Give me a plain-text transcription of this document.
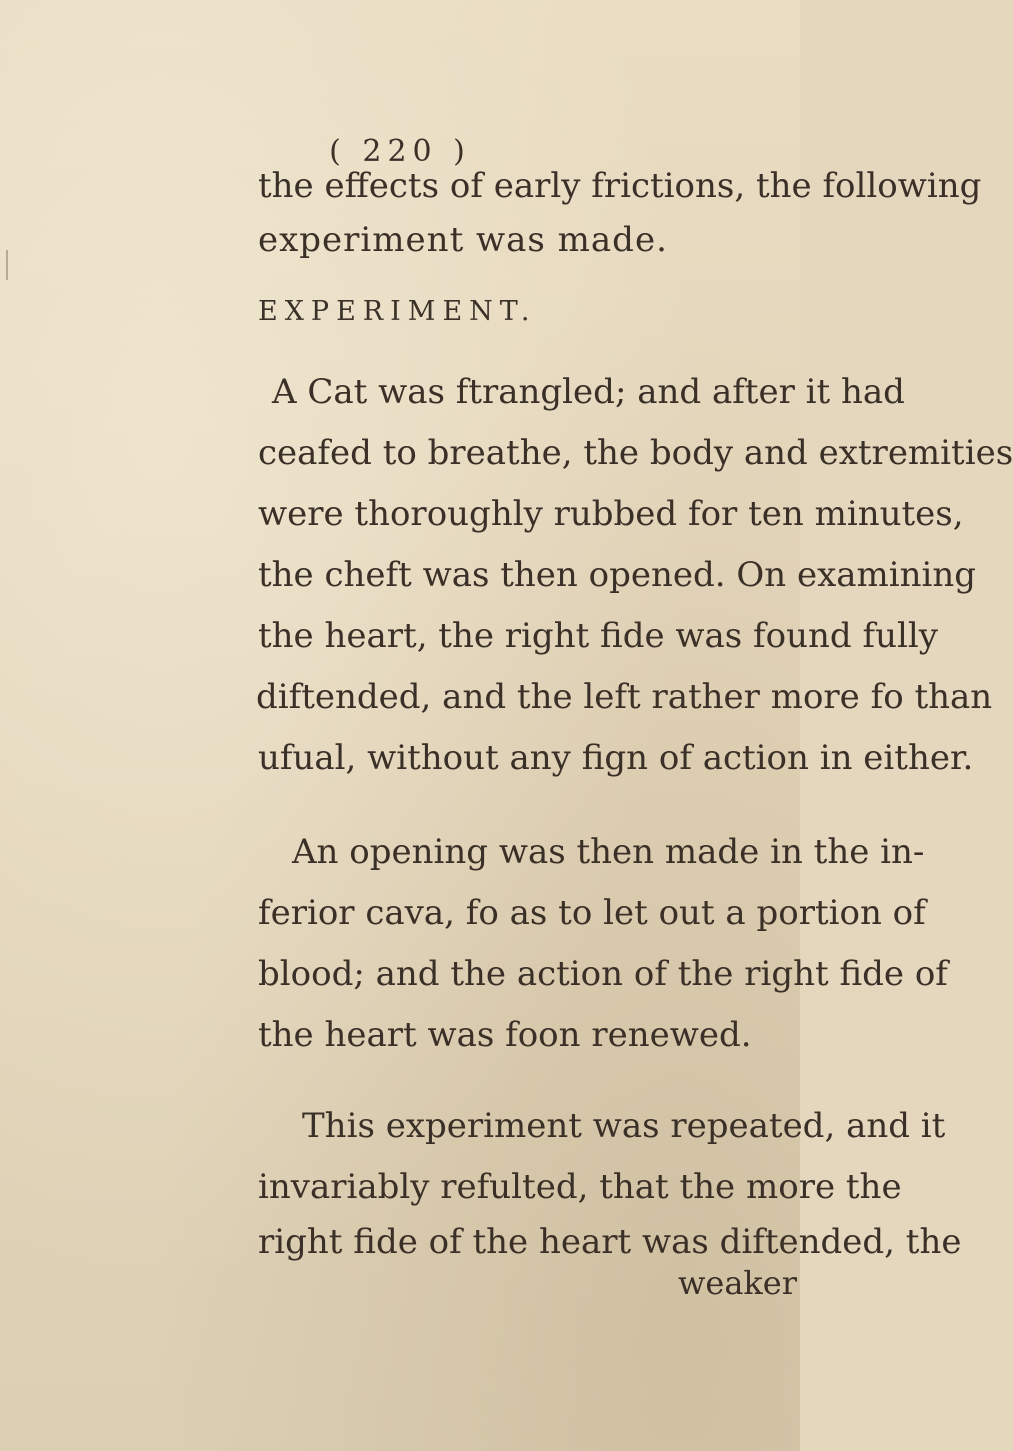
( 220 )
the effects of early frictions, the following
experiment was made.
EXPERIMENT.
A Cat was ftrangled; and after it had
ceafed to breathe, the body and extremities
were thoroughly rubbed for ten minutes,
the cheft was then opened. On examining
the heart, the right fide was found fully
diftended, and the left rather more fo than
ufual, without any fign of action in either.
An opening was then made in the in-
ferior cava, fo as to let out a portion of
blood; and the action of the right fide of
the heart was foon renewed.
This experiment was repeated, and it
invariably refulted, that the more the
right fide of the heart was diftended, the
weaker
